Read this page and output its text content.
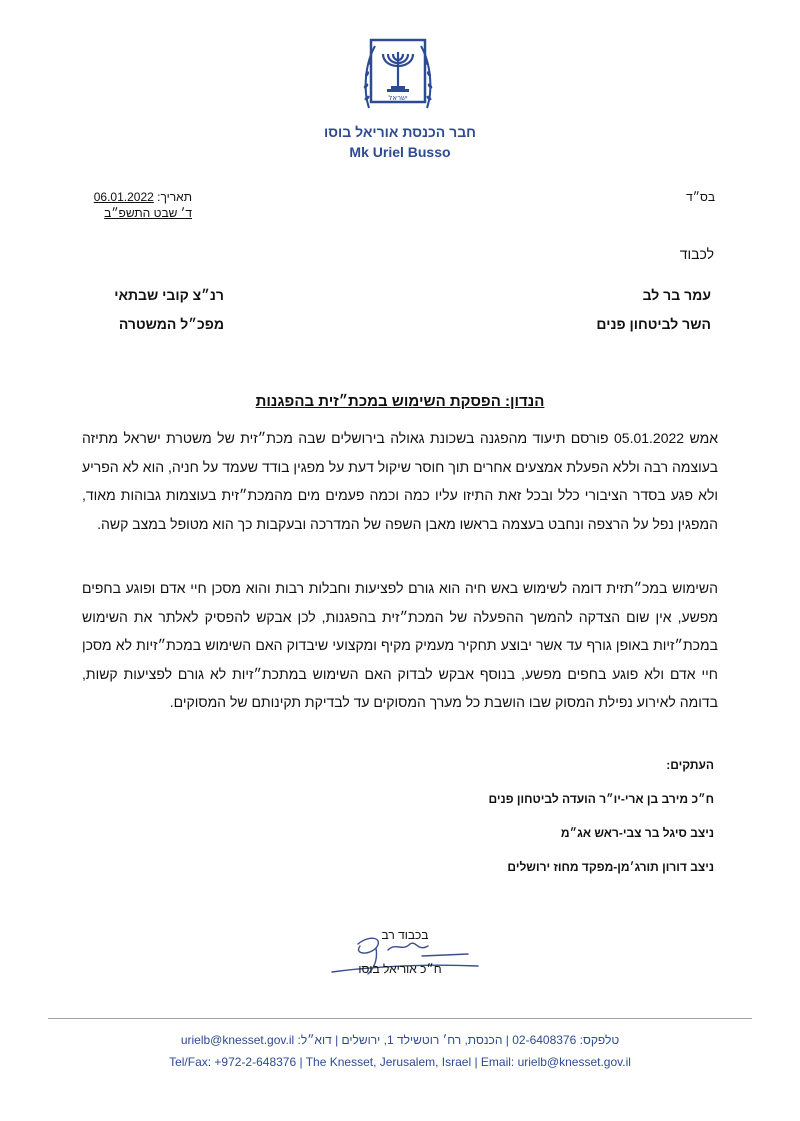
ישראל
חבר הכנסת אוריאל בוסו
Mk Uriel Busso
בס״ד
תאריך: 06.01.2022
ד׳ שבט התשפ״ב
לכבוד
עמר בר לב
השר לביטחון פנים
רנ״צ קובי שבתאי
מפכ״ל המשטרה
הנדון: הפסקת השימוש במכת״זית בהפגנות
אמש 05.01.2022 פורסם תיעוד מהפגנה בשכונת גאולה בירושלים שבה מכת״זית של משטרת ישראל מתיזה בעוצמה רבה וללא הפעלת אמצעים אחרים תוך חוסר שיקול דעת על מפגין בודד שעמד על חניה, הוא לא הפריע ולא פגע בסדר הציבורי כלל ובכל זאת התיזו עליו כמה וכמה פעמים מים מהמכת״זית בעוצמות גבוהות מאוד, המפגין נפל על הרצפה ונחבט בעצמה בראשו מאבן השפה של המדרכה ובעקבות כך הוא מטופל במצב קשה.
השימוש במכ״תזית דומה לשימוש באש חיה הוא גורם לפציעות וחבלות רבות והוא מסכן חיי אדם ופוגע בחפים מפשע, אין שום הצדקה להמשך ההפעלה של המכת״זית בהפגנות, לכן אבקש להפסיק לאלתר את השימוש במכת״זיות באופן גורף עד אשר יבוצע תחקיר מעמיק מקיף ומקצועי שיבדוק האם השימוש במכת״זיות לא מסכן חיי אדם ולא פוגע בחפים מפשע, בנוסף אבקש לבדוק האם השימוש במתכת״זיות לא גורם לפציעות קשות, בדומה לאירוע נפילת המסוק שבו הושבת כל מערך המסוקים עד לבדיקת תקינותם של המסוקים.
העתקים:
ח״כ מירב בן ארי-יו״ר הועדה לביטחון פנים
ניצב סיגל בר צבי-ראש אג״מ
ניצב דורון תורג׳מן-מפקד מחוז ירושלים
בכבוד רב
ח״כ אוריאל בוסו
טלפקס: 02-6408376 | הכנסת, רח׳ רוטשילד 1, ירושלים | דוא״ל: urielb@knesset.gov.il
Tel/Fax: +972-2-648376 | The Knesset, Jerusalem, Israel | Email: urielb@knesset.gov.il
